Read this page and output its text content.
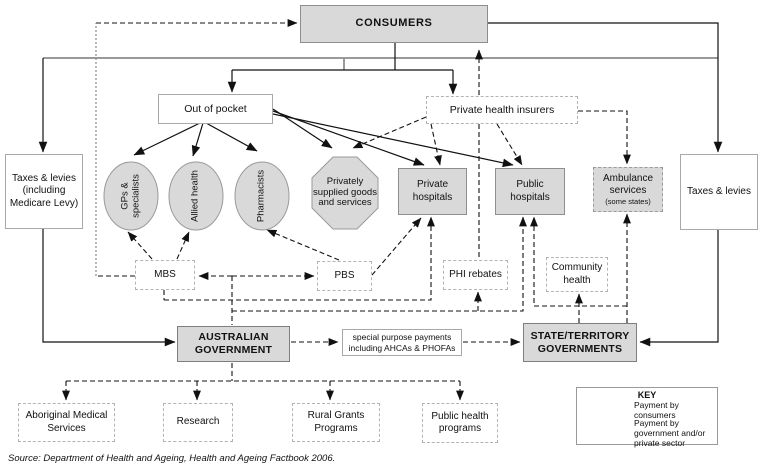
CONSUMERS
Out of pocket	Private health insurers
Taxes & levies (including Medicare Levy)
Taxes & levies
GPs & specialists	Allied health	Pharmacists	Privately supplied goods and services
Private hospitals
Public hospitals
Ambulance services
(some states)
MBS	PBS	PHI rebates
Community health
AUSTRALIAN GOVERNMENT
special purpose payments including AHCAs & PHOFAs
STATE/TERRITORY GOVERNMENTS
Aboriginal Medical Services
Research
Rural Grants Programs
Public health programs
KEY
Payment by consumers
Payment by government and/or private sector
Source: Department of Health and Ageing, Health and Ageing Factbook 2006.
